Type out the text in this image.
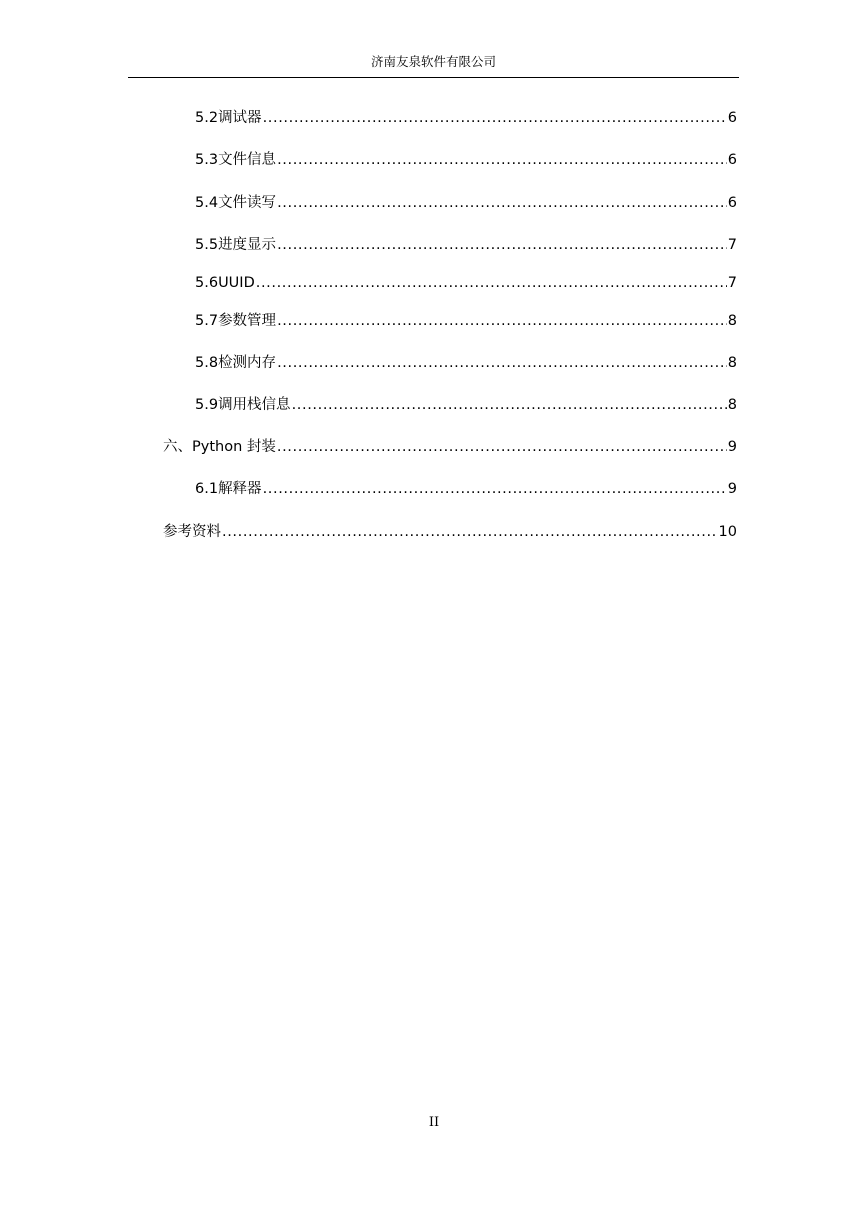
济南友泉软件有限公司
5.2 调试器 .....	6
5.3 文件信息 .....	6
5.4 文件读写 .....	6
5.5 进度显示 .....	7
5.6 UUID .....	7
5.7 参数管理 .....	8
5.8 检测内存 .....	8
5.9 调用栈信息 .....	8
六、 Python 封装 .....	9
6.1 解释器 .....	9
参考资料 .....	10
II
